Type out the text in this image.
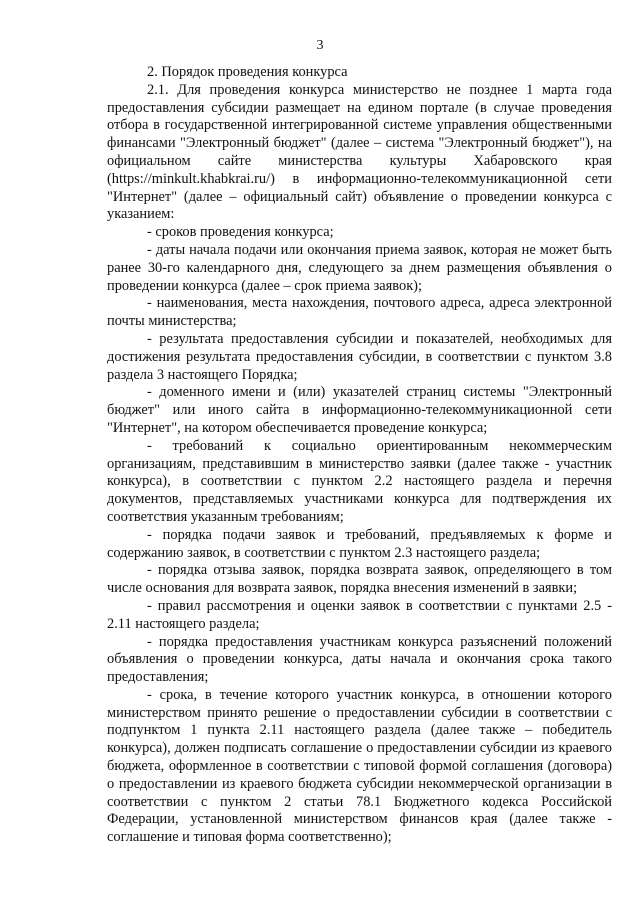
3

2. Порядок проведения конкурса

2.1. Для проведения конкурса министерство не позднее 1 марта года предоставления субсидии размещает на едином портале (в случае проведения отбора в государственной интегрированной системе управления общественными финансами "Электронный бюджет" (далее – система "Электронный бюджет"), на официальном сайте министерства культуры Хабаровского края (https://minkult.khabkrai.ru/) в информационно-телекоммуникационной сети "Интернет" (далее – официальный сайт) объявление о проведении конкурса с указанием:

- сроков проведения конкурса;

- даты начала подачи или окончания приема заявок, которая не может быть ранее 30-го календарного дня, следующего за днем размещения объявления о проведении конкурса (далее – срок приема заявок);

- наименования, места нахождения, почтового адреса, адреса электронной почты министерства;

- результата предоставления субсидии и показателей, необходимых для достижения результата предоставления субсидии, в соответствии с пунктом 3.8 раздела 3 настоящего Порядка;

- доменного имени и (или) указателей страниц системы "Электронный бюджет" или иного сайта в информационно-телекоммуникационной сети "Интернет", на котором обеспечивается проведение конкурса;

- требований к социально ориентированным некоммерческим организациям, представившим в министерство заявки (далее также - участник конкурса), в соответствии с пунктом 2.2 настоящего раздела и перечня документов, представляемых участниками конкурса для подтверждения их соответствия указанным требованиям;

- порядка подачи заявок и требований, предъявляемых к форме и содержанию заявок, в соответствии с пунктом 2.3 настоящего раздела;

- порядка отзыва заявок, порядка возврата заявок, определяющего в том числе основания для возврата заявок, порядка внесения изменений в заявки;

- правил рассмотрения и оценки заявок в соответствии с пунктами 2.5 - 2.11 настоящего раздела;

- порядка предоставления участникам конкурса разъяснений положений объявления о проведении конкурса, даты начала и окончания срока такого предоставления;

- срока, в течение которого участник конкурса, в отношении которого министерством принято решение о предоставлении субсидии в соответствии с подпунктом 1 пункта 2.11 настоящего раздела (далее также – победитель конкурса), должен подписать соглашение о предоставлении субсидии из краевого бюджета, оформленное в соответствии с типовой формой соглашения (договора) о предоставлении из краевого бюджета субсидии некоммерческой организации в соответствии с пунктом 2 статьи 78.1 Бюджетного кодекса Российской Федерации, установленной министерством финансов края (далее также - соглашение и типовая форма соответственно);
